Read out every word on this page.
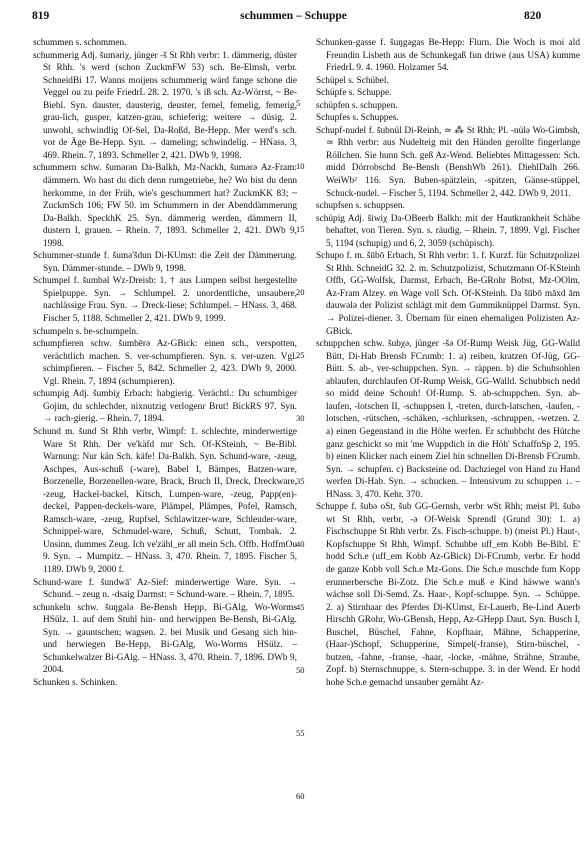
819	schummen – Schuppe	820

schummen s. schommen.

schummerig Adj. šumǝriχ, jünger -š St Rhh verbr: 1. dämmerig, düster St Rhh. 's werd (schon ZuckmFW 53) sch. Be-Elmsh, verbr. SchneidBi 17. Wanns moijens schummerig wärd fange schone die Veggel ou zu peife FriedrL 28. 2. 1970. 's iß sch. Az-Wörrst, ~ Be-Biebl. Syn. dauster, dausterig, deuster, femel, femelig, femerig, grau-lich, gusper, katzen-grau, schieferig; weitere → düsig. 2. unwohl, schwindlig Of-Sel, Da-Roßd, Be-Hepp. Mer werd's sch. vor de Äge Be-Hepp. Syn. → dameling; schwindelig. – HNass. 3, 469. Rhein. 7, 1893. Schmeller 2, 421. DWb 9, 1998.

schummern schw. šumǝrǝn Da-Balkh, Mz-Nackh, šumǝrǝ Az-Fram: dämmern. Wo hast du dich denn rumgetriebe, he? Wo bist du denn herkomme, in der Früh, wie's geschummert hat? ZuckmKK 83; ~ ZuckmSch 106; FW 50. im Schummern in der Abenddämmerung Da-Balkh. SpeckhK 25. Syn. dämmerig werden, dämmern II, dustern I, grauen. – Rhein. 7, 1893. Schmeller 2, 421. DWb 9, 1998.

Schummer-stunde f. šumǝ'šdun Di-KUmst: die Zeit der Dämmerung. Syn. Dämmer-stunde. – DWb 9, 1998.

Schumpel f. šumbǝl Wz-Dreisb: 1. † aus Lumpen selbst hergestellte Spielpuppe. Syn. → Schlumpel. 2. unordentliche, unsaubere, nachlässige Frau. Syn. → Dreck-liese; Schlumpel. – HNass. 3, 468. Fischer 5, 1188. Schmeller 2, 421. DWb 9, 1999.

schumpeln s. be-schumpeln.

schumpfieren schw. šumbērǝ Az-GBick: einen sch., verspotten, verächtlich machen. S. ver-schumpfieren. Syn. s. ver-uzen. Vgl. schimpfieren. – Fischer 5, 842. Schmeller 2, 423. DWb 9, 2000. Vgl. Rhein. 7, 1894 (schumpieren).

schumpig Adj. šumbiχ Erbach: habgierig. Verächtl.: Du schumbiger Gojim, du schlechder, nixnutzig verlogenr Brut! BickRS 97. Syn. → rach-gierig. – Rhein. 7, 1894.

Schund m. šund St Rhh verbr, Wimpf: 1. schlechte, minderwertige Ware St Rhh. Der ve'käfd nur Sch. Of-KSteinh, ~ Be-Bibl. Warnung: Nur kän Sch. käfe! Da-Balkh. Syn. Schund-ware, -zeug, Aschpes, Aus-schuß (-ware), Babel I, Bämpes, Batzen-ware, Borzenelle, Borzenellen-ware, Brack, Bruch II, Dreck, Dreckware, -zeug, Hackel-backel, Kitsch, Lumpen-ware, -zeug, Papp(en)-deckel, Pappen-deckels-ware, Plämpel, Plämpes, Pofel, Ramsch, Ramsch-ware, -zeug, Rupfsel, Schlawitzer-ware, Schleuder-ware, Schnippel-ware, Schmudel-ware, Schuß, Schutt, Tombak. 2. Unsinn, dummes Zeug. Ich ve'zähl_er all mein Sch. Offb. HoffmOu 9. Syn. → Mumpitz. – HNass. 3, 470. Rhein. 7, 1895. Fischer 5, 1189. DWb 9, 2000 f.

Schund-ware f. šundwā' Az-Sief: minderwertige Ware. Syn. → Schund. – zeug n. -dsaig Darmst: = Schund-ware. – Rhein. 7, 1895.

schunkeln schw. šuŋgǝlǝ Be-Bensh Hepp, Bi-GAlg, Wo-Worms HSülz. 1. auf dem Stuhl hin- und herwippen Be-Bensh, Bi-GAlg. Syn. → gauntschen; wagsen. 2. bei Musik und Gesang sich hin- und herwiegen Be-Hepp, Bi-GAlg, Wo-Worms HSülz. – Schunkelwalzer Bi-GAlg. – HNass. 3, 470. Rhein. 7, 1896. DWb 9, 2004.

Schunken s. Schinken.

5
10
15
20
25
30
35
40
45
50
55
60

Schunken-gasse f. šuŋgǝgas Be-Hepp: Flurn. Die Woch is moi ald Freundin Lisbeth aus de Schunkegaß fun driwe (aus USA) kumme FriedrL 9. 4. 1960. Holzamer 54.

Schüpel s. Schübel.

Schüpfe s. Schuppe.

schüpfen s. schuppen.

Schupfes s. Schuppes.

Schupf-nudel f. šubnül Di-Reinh, ≃ ⁂ St Rhh; Pl. -nülǝ Wo-Gimbsh, ≃ Rhh verbr: aus Nudelteig mit den Händen gerollte fingerlange Röllchen. Sie hunn Sch. geß Az-Wend. Beliebtes Mittagessen: Sch. midd Dörrobschd Be-Bensh (BenshWb 261). DiehlDalh 266. WeiWb² 116. Syn. Buben-spätzlein, -spitzen, Gänse-stüppel, Schuck-nudel. – Fischer 5, 1194. Schmeller 2, 442. DWb 9, 2011.

schupfsen s. schuppsen.

schüpig Adj. šiwiχ Da-OBeerb Balkh: mit der Hautkrankheit Schäbe behaftet, von Tieren. Syn. s. räudig. – Rhein. 7, 1899. Vgl. Fischer 5, 1194 (schupig) und 6, 2, 3059 (schüpisch).

Schupo f. m. šūbō Erbach, St Rhh verbr: 1. f. Kurzf. für Schutzpolizei St Rhh. SchneidG 32. 2. m. Schutzpolizist, Schutzmann Of-KSteinh Offb, GG-Wolfsk, Darmst, Erbach, Be-GRohr Bobst, Mz-OOlm, Az-Fram Alzey. en Wage voll Sch. Of-KSteinh. Da šūbō māxd ām dauwǝlǝ der Polizist schlägt mit dem Gummiknüppel Darmst. Syn. → Polizei-diener. 3. Übernam für einen ehemaligen Polizisten Az-GBick.

schuppchen schw. šubχǝ, jünger -šǝ Of-Rump Weisk Jüg, GG-Walld Bütt, Di-Hab Brensb FCrumb: 1. a) reiben, kratzen Of-Jüg, GG-Bütt. S. ab-, ver-schuppchen. Syn. → räppen. b) die Schuhsohlen ablaufen, durchlaufen Of-Rump Weisk, GG-Walld. Schubbsch nedd so midd deine Schouh! Of-Rump. S. ab-schuppchen. Syn. ab-laufen, -lotschen II, -schuppsen I, -treten, durch-latschen, -laufen, -lotschen, -rütschen, -schäken, -schlurksen, -schruppen, -wetzen. 2. a) einen Gegenstand in die Höhe werfen. Er schubbcht des Hütche ganz geschickt so mit 'me Wuppdich in die Höh' SchaffnSp 2, 195. b) einen Klicker nach einem Ziel hin schnellen Di-Brensb FCrumb. Syn. → schupfen. c) Backsteine od. Dachziegel von Hand zu Hand werfen Di-Hab. Syn. → schucken. – Intensivum zu schuppen ↓. – HNass. 3, 470. Kehr. 370.

Schuppe f. šubǝ oSt, šub GG-Gernsh, verbr wSt Rhh; meist Pl. šubǝ wt St Rhh, verbr, -ǝ Of-Weisk Sprendl (Grund 30): 1. a) Fischschuppe St Rhh verbr. Zs. Fisch-schuppe. b) (meist Pl.) Haut-, Kopfschuppe St Rhh, Wimpf. Schubbe uff_em Kobb Be-Bibl. E' hodd Sch.e (uff_em Kobb Az-GBick) Di-FCrumb, verbr. Er hodd de ganze Kobb voll Sch.e Mz-Gons. Die Sch.e muschde fum Kopp erunnerbersche Bi-Zotz. Die Sch.e muß e Kind häwwe wann's wächse soll Di-Semd. Zs. Haar-, Kopf-schuppe. Syn. → Schüppe. 2. a) Stirnhaar des Pferdes Di-KUmst, Er-Lauerb, Be-Lind Auerb Hirschh GRohr, Wo-GBensh, Hepp, Az-GHepp Daut. Syn. Busch I, Buschel, Büschel, Fahne, Kopfhaar, Mähne, Schapperine, (Haar-)Schopf, Schupperine, Simpel(-franse), Stirn-büschel, -butzen, -fahne, -franse, -haar, -locke, -mähne, Strähne, Straube, Zopf. b) Sternschnuppe, s. Stern-schuppe. 3. in der Wend. Er hodd hohe Sch.e gemachd unsauber gemäht Az-
